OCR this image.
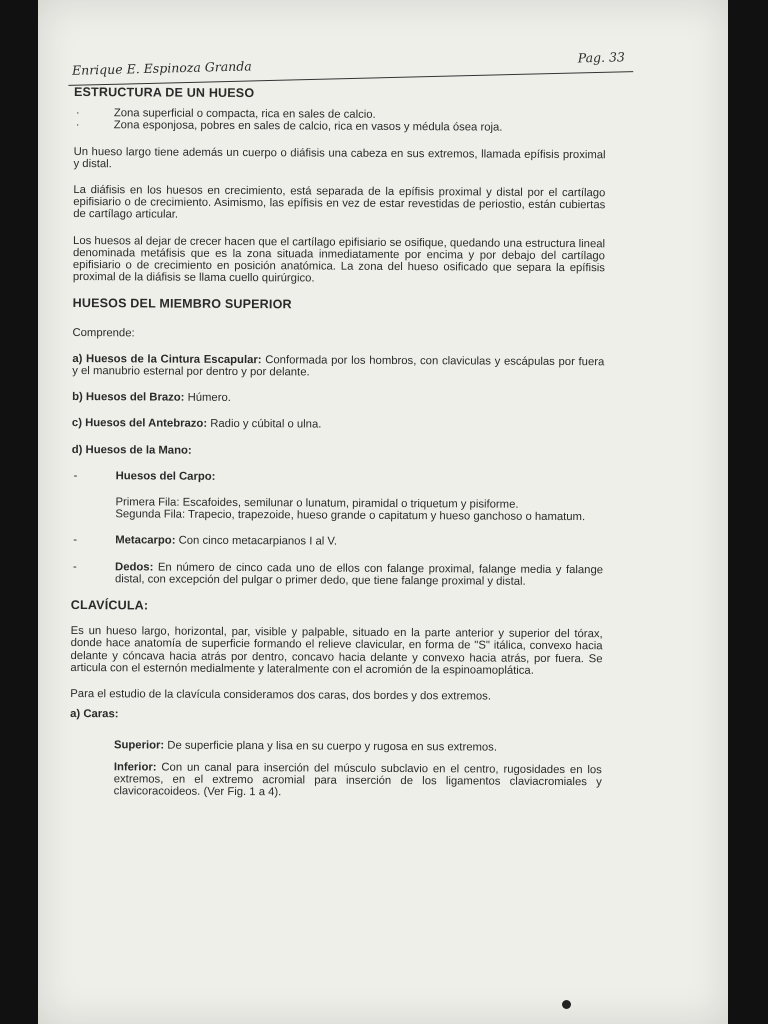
Enrique E. Espinoza Granda
Pag. 33

ESTRUCTURA DE UN HUESO

·	Zona superficial o compacta, rica en sales de calcio.

·	Zona esponjosa, pobres en sales de calcio, rica en vasos y médula ósea roja.

Un hueso largo tiene además un cuerpo o diáfisis una cabeza en sus extremos, llamada epífisis proximal y distal.

La diáfisis en los huesos en crecimiento, está separada de la epífisis proximal y distal por el cartílago epifisiario o de crecimiento. Asimismo, las epífisis en vez de estar revestidas de periostio, están cubiertas de cartílago articular.

Los huesos al dejar de crecer hacen que el cartílago epifisiario se osifique, quedando una estructura lineal denominada metáfisis que es la zona situada inmediatamente por encima y por debajo del cartílago epifisiario o de crecimiento en posición anatómica. La zona del hueso osificado que separa la epífisis proximal de la diáfisis se llama cuello quirúrgico.

HUESOS DEL MIEMBRO SUPERIOR

Comprende:

a) Huesos de la Cintura Escapular: Conformada por los hombros, con claviculas y escápulas por fuera y el manubrio esternal por dentro y por delante.

b) Huesos del Brazo: Húmero.

c) Huesos del Antebrazo: Radio y cúbital o ulna.

d) Huesos de la Mano:

-	Huesos del Carpo:

Primera Fila: Escafoides, semilunar o lunatum, piramidal o triquetum y pisiforme.

Segunda Fila: Trapecio, trapezoide, hueso grande o capitatum y hueso ganchoso o hamatum.

-	Metacarpo: Con cinco metacarpianos I al V.

-	Dedos: En número de cinco cada uno de ellos con falange proximal, falange media y falange distal, con excepción del pulgar o primer dedo, que tiene falange proximal y distal.

CLAVÍCULA:

Es un hueso largo, horizontal, par, visible y palpable, situado en la parte anterior y superior del tórax, donde hace anatomía de superficie formando el relieve clavicular, en forma de "S" itálica, convexo hacia delante y cóncava hacia atrás por dentro, concavo hacia delante y convexo hacia atrás, por fuera. Se articula con el esternón medialmente y lateralmente con el acromión de la espinoamoplática.

Para el estudio de la clavícula consideramos dos caras, dos bordes y dos extremos.

a) Caras:

Superior: De superficie plana y lisa en su cuerpo y rugosa en sus extremos.

Inferior: Con un canal para inserción del músculo subclavio en el centro, rugosidades en los extremos, en el extremo acromial para inserción de los ligamentos claviacromiales y clavicoracoideos. (Ver Fig. 1 a 4).
